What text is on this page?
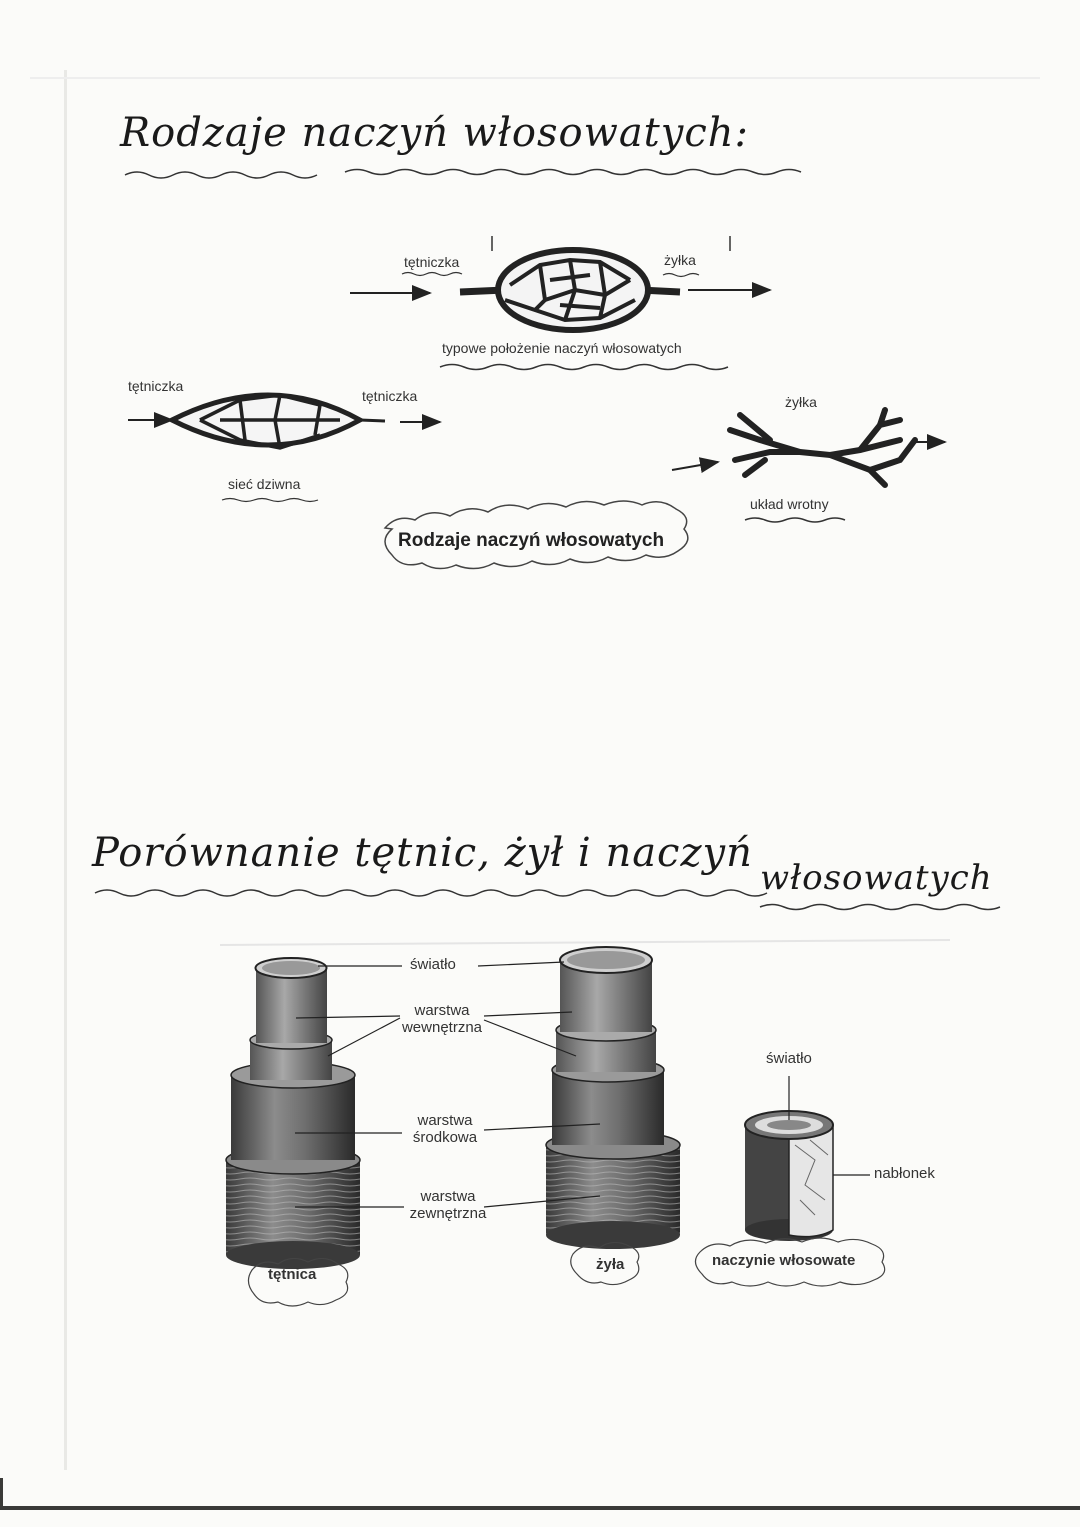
Rodzaje naczyń włosowatych:
Porównanie tętnic, żył i naczyń
włosowatych
tętniczka	żyłka
typowe położenie naczyń włosowatych
tętniczka
tętniczka
sieć dziwna
żyłka
układ wrotny
Rodzaje naczyń włosowatych
światło
warstwa
wewnętrzna
warstwa
środkowa
warstwa
zewnętrzna
światło
nabłonek
tętnica
żyła	naczynie włosowate
